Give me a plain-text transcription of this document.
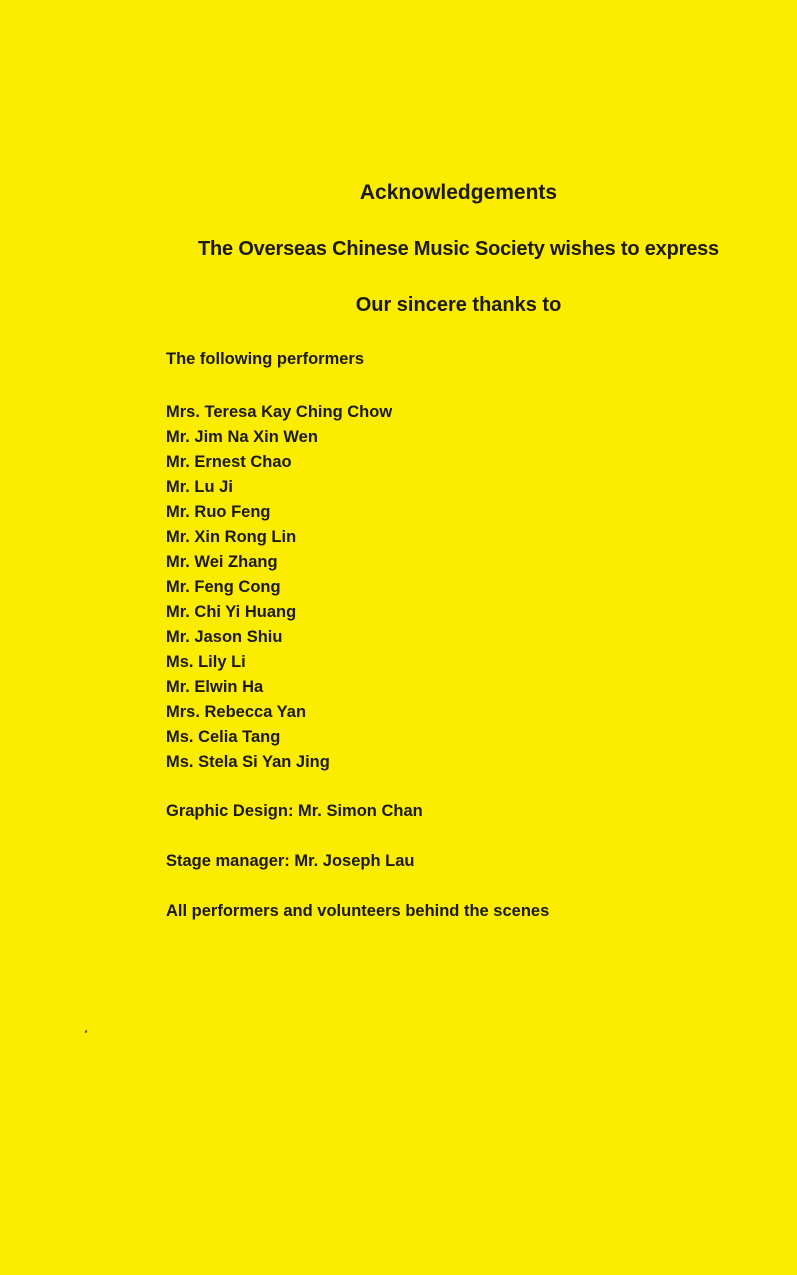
Acknowledgements
The Overseas Chinese Music Society wishes to express
Our sincere thanks to
The following performers
Mrs. Teresa Kay Ching Chow
Mr. Jim Na Xin Wen
Mr. Ernest Chao
Mr. Lu Ji
Mr. Ruo Feng
Mr. Xin Rong Lin
Mr. Wei Zhang
Mr. Feng Cong
Mr. Chi Yi Huang
Mr. Jason Shiu
Ms. Lily Li
Mr. Elwin Ha
Mrs. Rebecca Yan
Ms. Celia Tang
Ms. Stela Si Yan Jing
Graphic Design: Mr. Simon Chan
Stage manager: Mr. Joseph Lau
All performers and volunteers behind the scenes
